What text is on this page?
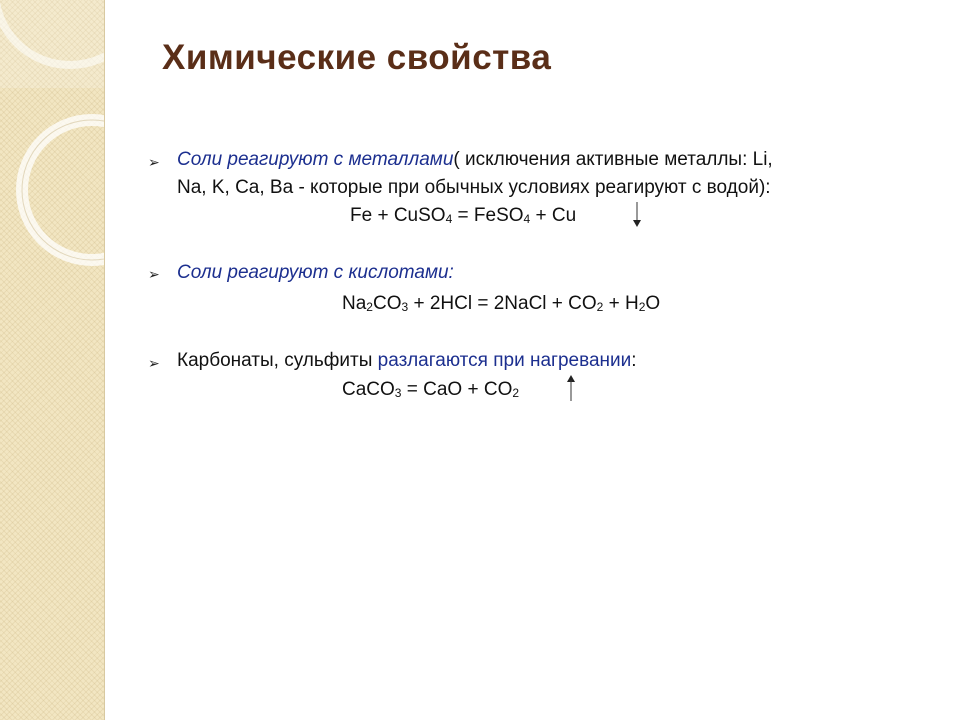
Химические свойства
➢ Соли реагируют с металлами( исключения активные металлы: Li,
Na, K, Ca, Ba - которые при обычных условиях реагируют с водой):
Fe + CuSO$_4$ = FeSO$_4$ + Cu
➢ Соли реагируют с кислотами:
$Na_2CO_3 + 2HCl$ = 2NaCl + $CO_2 + H_2O$
➢ Карбонаты, сульфиты разлагаются при нагревании:
CaCO$_3$ = CaO + $CO_2$
